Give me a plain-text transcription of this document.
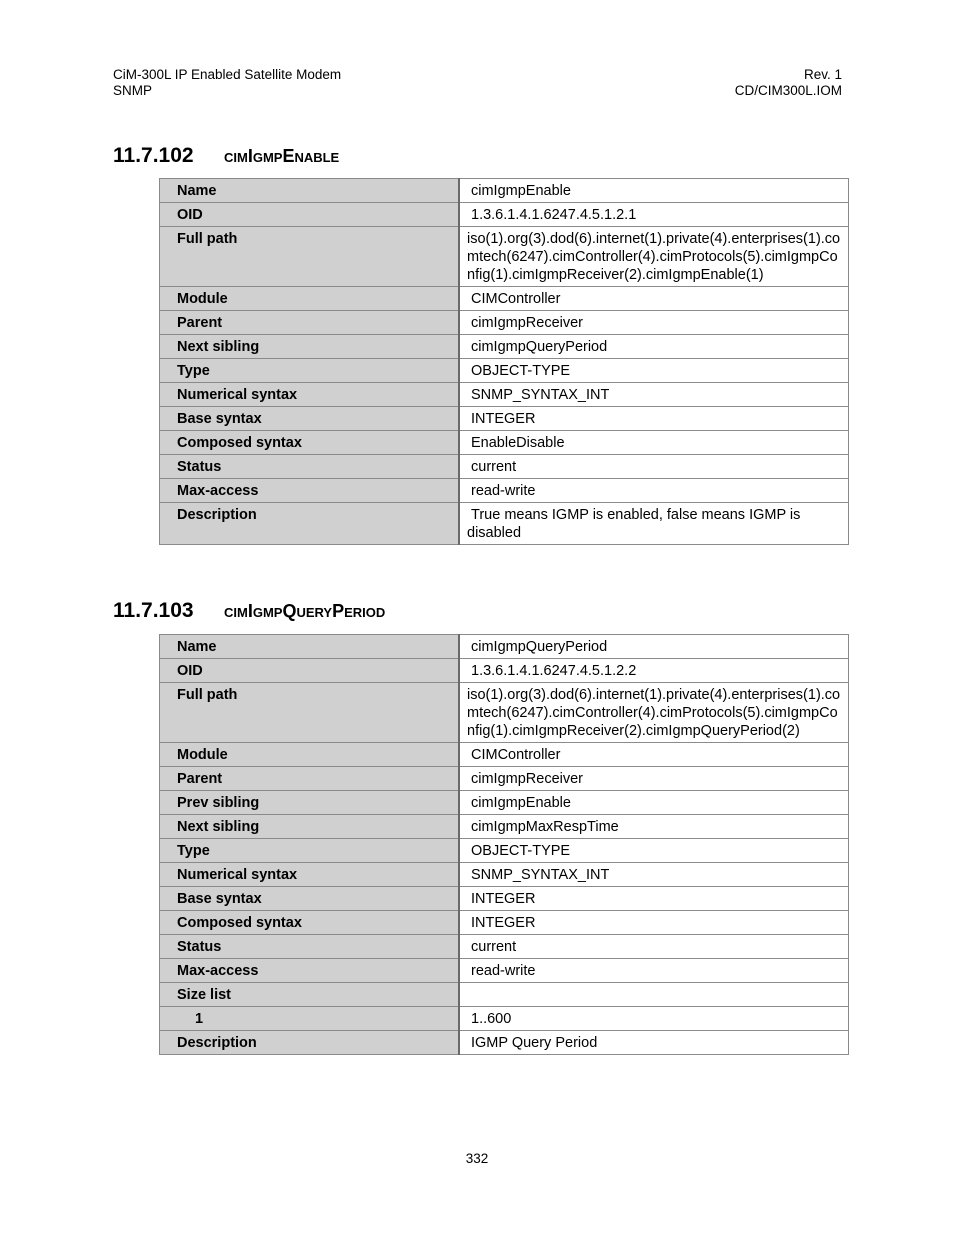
CiM-300L IP Enabled Satellite Modem
SNMP
Rev. 1
CD/CIM300L.IOM
11.7.102	cimIgmpEnable
Name	cimIgmpEnable
OID	1.3.6.1.4.1.6247.4.5.1.2.1
Full path	iso(1).org(3).dod(6).internet(1).private(4).enterprises(1).comtech(6247).cimController(4).cimProtocols(5).cimIgmpConfig(1).cimIgmpReceiver(2).cimIgmpEnable(1)
Module	CIMController
Parent	cimIgmpReceiver
Next sibling	cimIgmpQueryPeriod
Type	OBJECT-TYPE
Numerical syntax	SNMP_SYNTAX_INT
Base syntax	INTEGER
Composed syntax	EnableDisable
Status	current
Max-access	read-write
Description	True means IGMP is enabled, false means IGMP is disabled
11.7.103	cimIgmpQueryPeriod
Name	cimIgmpQueryPeriod
OID	1.3.6.1.4.1.6247.4.5.1.2.2
Full path	iso(1).org(3).dod(6).internet(1).private(4).enterprises(1).comtech(6247).cimController(4).cimProtocols(5).cimIgmpConfig(1).cimIgmpReceiver(2).cimIgmpQueryPeriod(2)
Module	CIMController
Parent	cimIgmpReceiver
Prev sibling	cimIgmpEnable
Next sibling	cimIgmpMaxRespTime
Type	OBJECT-TYPE
Numerical syntax	SNMP_SYNTAX_INT
Base syntax	INTEGER
Composed syntax	INTEGER
Status	current
Max-access	read-write
Size list	
1	1..600
Description	IGMP Query Period
332
